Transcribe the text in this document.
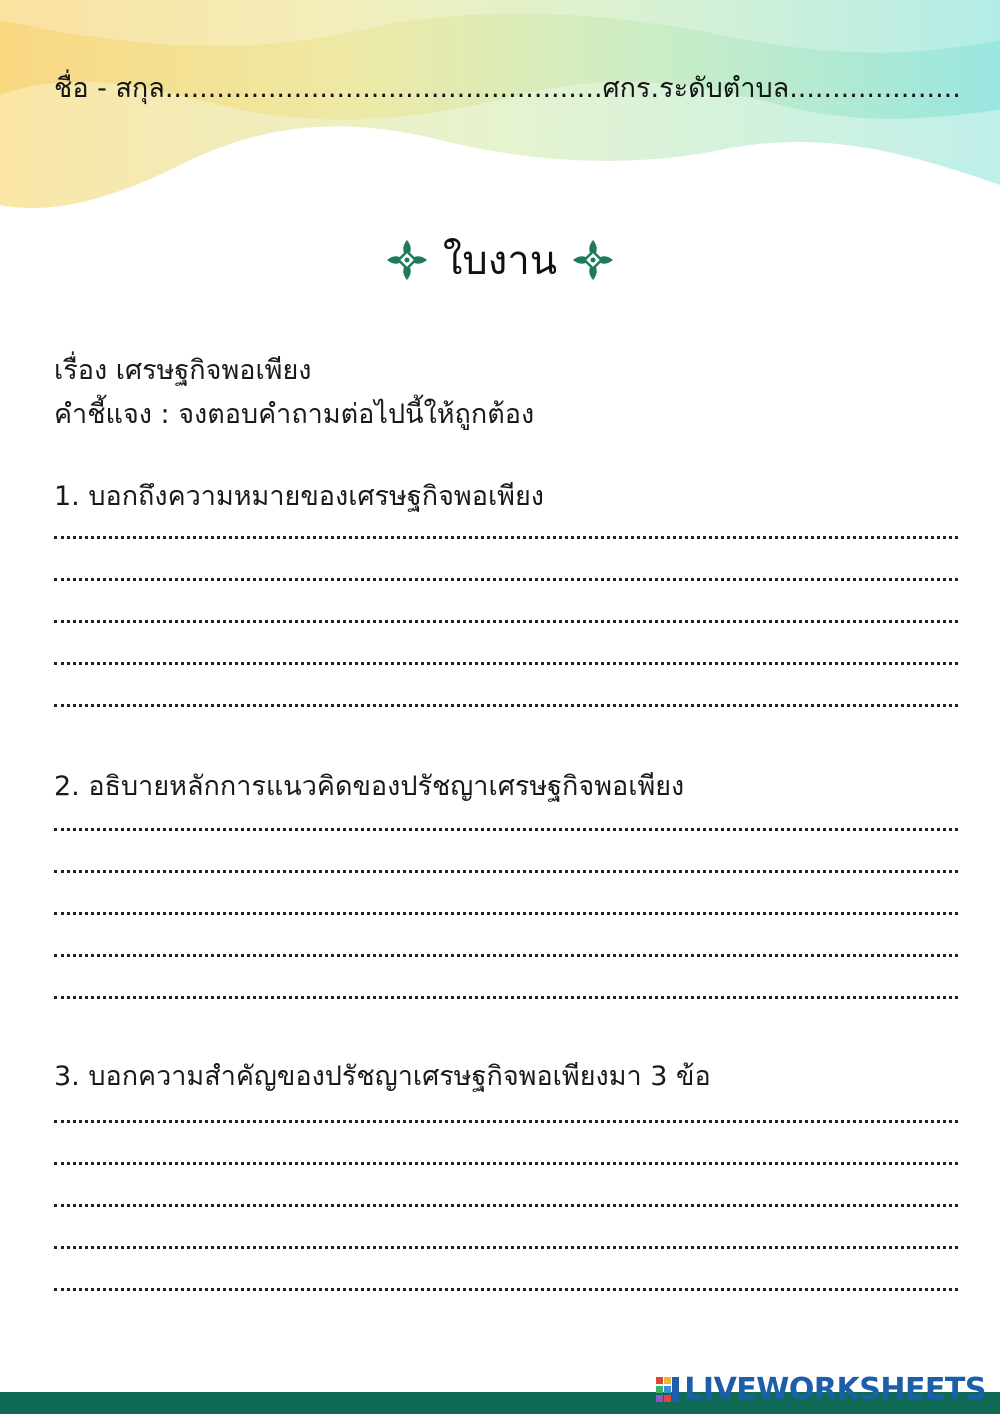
ชื่อ - สกุล...................................................ศกร.ระดับตำบล....................
ใบงาน
เรื่อง เศรษฐกิจพอเพียง
คำชี้แจง : จงตอบคำถามต่อไปนี้ให้ถูกต้อง
1. บอกถึงความหมายของเศรษฐกิจพอเพียง
2. อธิบายหลักการแนวคิดของปรัชญาเศรษฐกิจพอเพียง
3. บอกความสำคัญของปรัชญาเศรษฐกิจพอเพียงมา 3 ข้อ
LIVEWORKSHEETS
